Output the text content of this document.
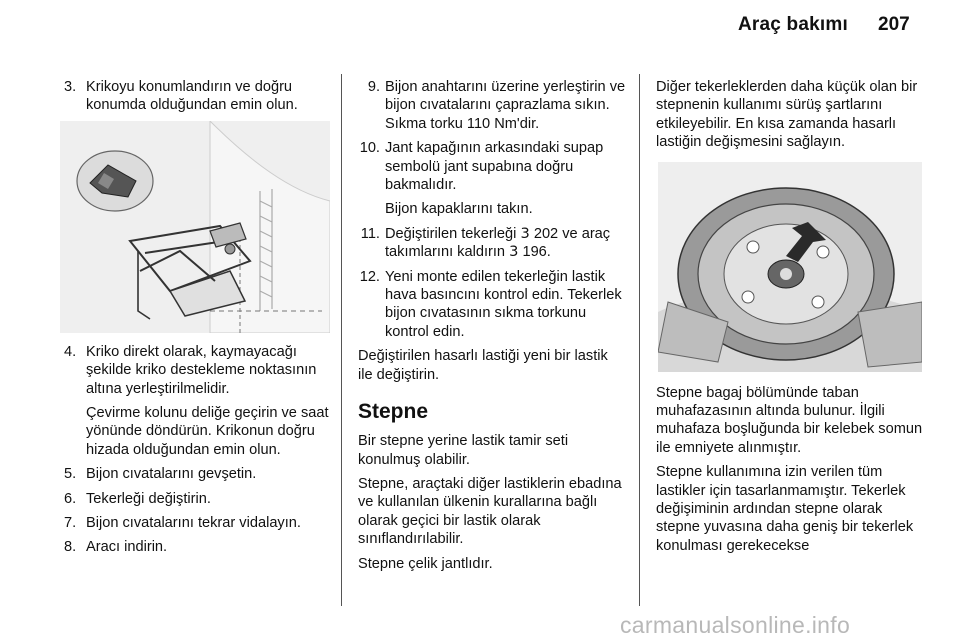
Araç bakımı 207
3. Krikoyu konumlandırın ve doğru konumda olduğundan emin olun.
4. Kriko direkt olarak, kaymayacağı şekilde kriko destekleme noktasının altına yerleştirilmelidir.
Çevirme kolunu deliğe geçirin ve saat yönünde döndürün. Krikonun doğru hizada olduğundan emin olun.
5. Bijon cıvatalarını gevşetin.
6. Tekerleği değiştirin.
7. Bijon cıvatalarını tekrar vidalayın.
8. Aracı indirin.
9. Bijon anahtarını üzerine yerleştirin ve bijon cıvatalarını çaprazlama sıkın. Sıkma torku 110 Nm'dir.
10. Jant kapağının arkasındaki supap sembolü jant supabına doğru bakmalıdır.
Bijon kapaklarını takın.
11. Değiştirilen tekerleği 3 202 ve araç takımlarını kaldırın 3 196.
12. Yeni monte edilen tekerleğin lastik hava basıncını kontrol edin. Tekerlek bijon cıvatasının sıkma torkunu kontrol edin.
Değiştirilen hasarlı lastiği yeni bir lastik ile değiştirin.
Stepne
Bir stepne yerine lastik tamir seti konulmuş olabilir.
Stepne, araçtaki diğer lastiklerin ebadına ve kullanılan ülkenin kurallarına bağlı olarak geçici bir lastik olarak sınıflandırılabilir.
Stepne çelik jantlıdır.
Diğer tekerleklerden daha küçük olan bir stepnenin kullanımı sürüş şartlarını etkileyebilir. En kısa zamanda hasarlı lastiğin değişmesini sağlayın.
Stepne bagaj bölümünde taban muhafazasının altında bulunur. İlgili muhafaza boşluğunda bir kelebek somun ile emniyete alınmıştır.
Stepne kullanımına izin verilen tüm lastikler için tasarlanmamıştır. Tekerlek değişiminin ardından stepne olarak stepne yuvasına daha geniş bir tekerlek konulması gerekecekse
carmanualsonline.info
